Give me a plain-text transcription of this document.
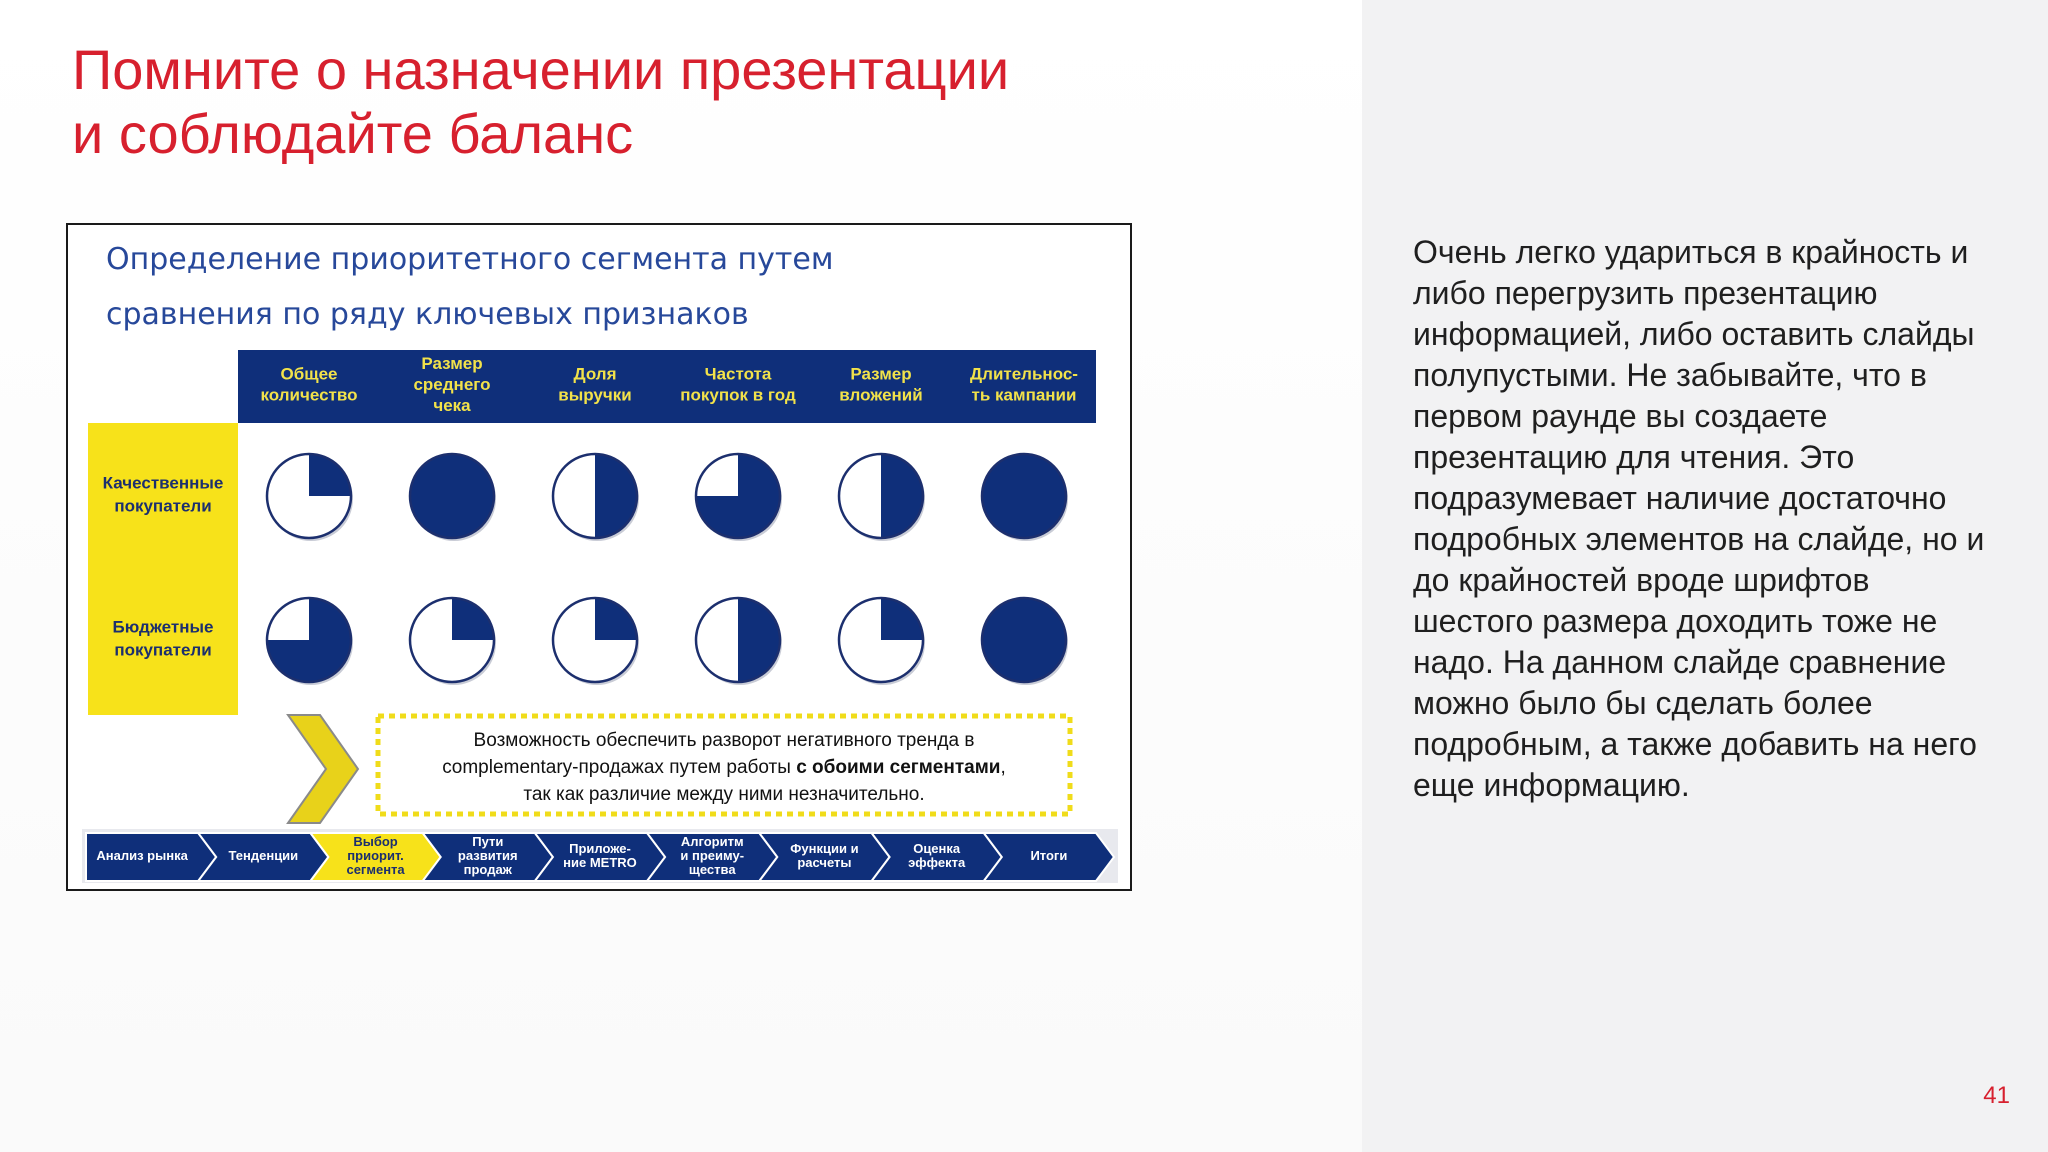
Помните о назначении презентации
и соблюдайте баланс
Определение приоритетного сегмента путем
сравнения по ряду ключевых признаков
Общее количество
Размер среднего чека
Доля выручки
Частота покупок в год
Размер вложений
Длительнос-ть кампании
Качественные покупатели
Бюджетные покупатели
Возможность обеспечить разворот негативного тренда в
complementary-продажах путем работы с обоими сегментами,
так как различие между ними незначительно.
Анализ рынка	Тенденции
Выбор приорит. сегмента
Пути развития продаж
Приложе-ние METRO
Алгоритм и преиму-щества
Функции и расчеты
Оценка эффекта	Итоги

Очень легко удариться в крайность и либо перегрузить презентацию информацией, либо оставить слайды полупустыми. Не забывайте, что в первом раунде вы создаете презентацию для чтения. Это подразумевает наличие достаточно подробных элементов на слайде, но и до крайностей вроде шрифтов шестого размера доходить тоже не надо. На данном слайде сравнение можно было бы сделать более подробным, а также добавить на него еще информацию.

41
